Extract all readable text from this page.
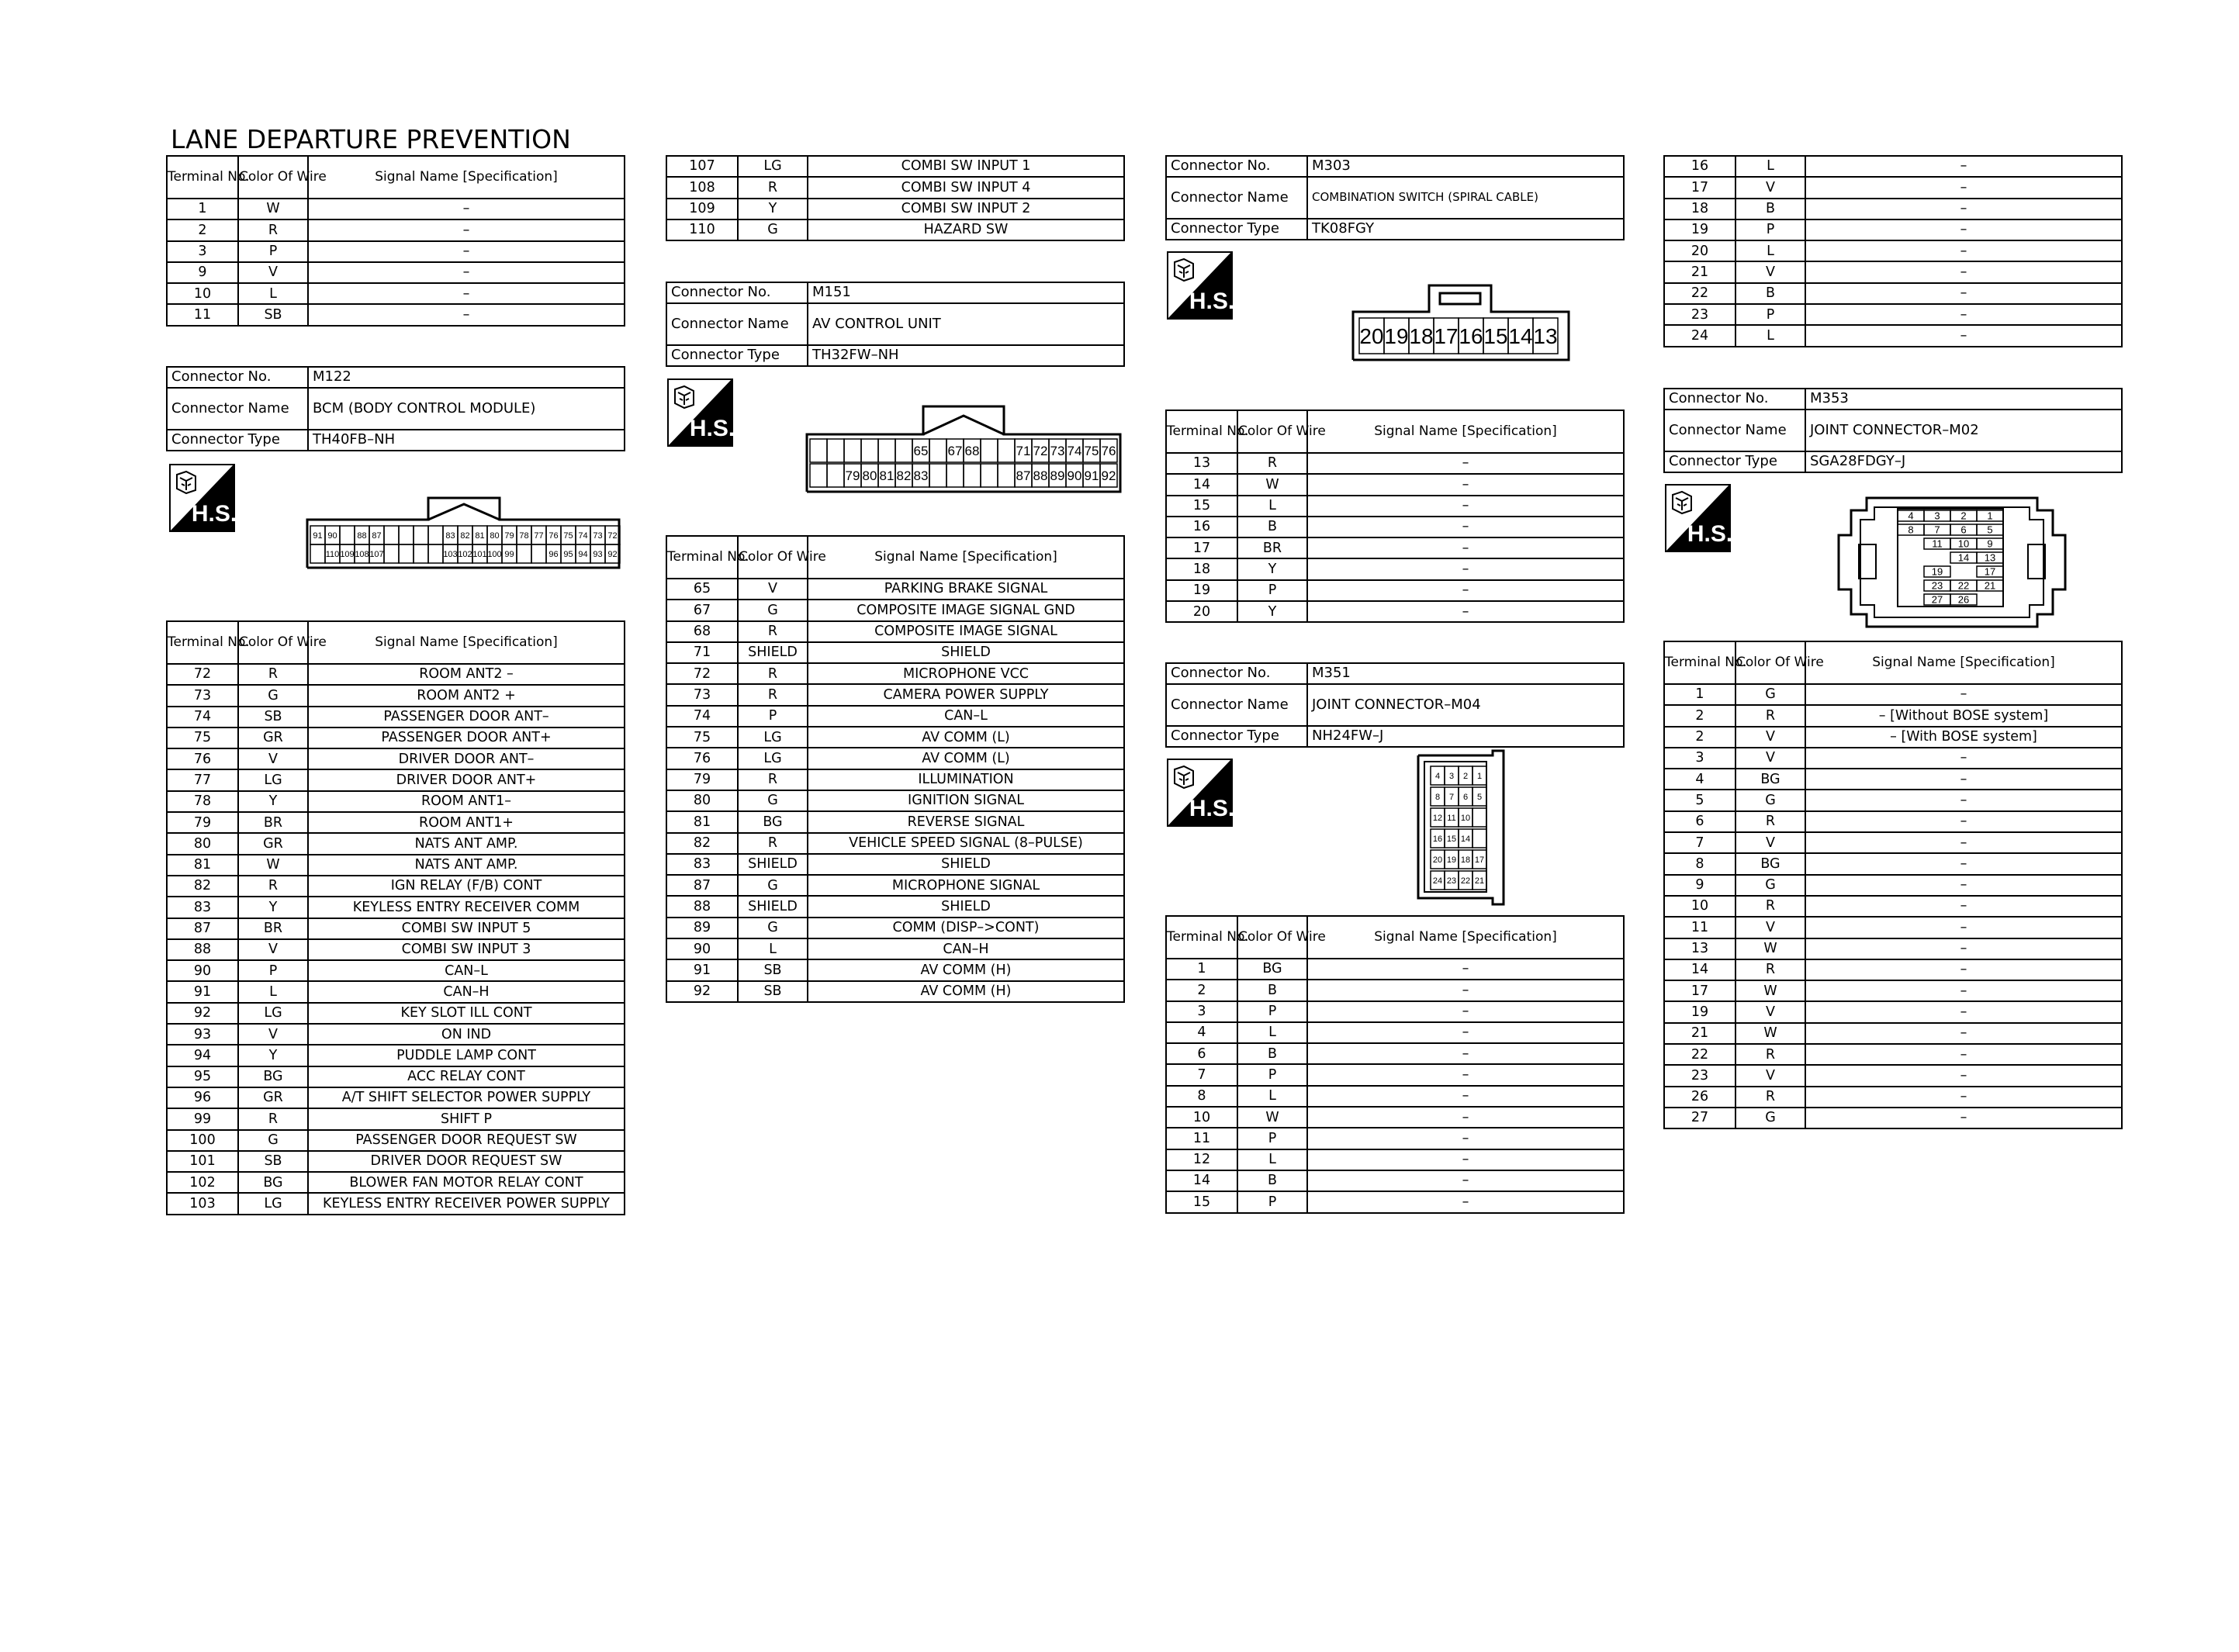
LANE DEPARTURE PREVENTION
Terminal No.	Color Of Wire	Signal Name [Specification]
1	W	–
2	R	–
3	P	–
9	V	–
10	L	–
11	SB	–
Connector No.	M122
Connector Name	BCM (BODY CONTROL MODULE)
Connector Type	TH40FB–NH
H.S.
91 90 88 87	83 82 81 80 79 78 77 76 75 74 73 72
110 109 108 107	103 102 101 100 99	96 95 94 93 92
Terminal No.	Color Of Wire	Signal Name [Specification]
72	R	ROOM ANT2 –
73	G	ROOM ANT2 +
74	SB	PASSENGER DOOR ANT–
75	GR	PASSENGER DOOR ANT+
76	V	DRIVER DOOR ANT–
77	LG	DRIVER DOOR ANT+
78	Y	ROOM ANT1–
79	BR	ROOM ANT1+
80	GR	NATS ANT AMP.
81	W	NATS ANT AMP.
82	R	IGN RELAY (F/B) CONT
83	Y	KEYLESS ENTRY RECEIVER COMM
87	BR	COMBI SW INPUT 5
88	V	COMBI SW INPUT 3
90	P	CAN–L
91	L	CAN–H
92	LG	KEY SLOT ILL CONT
93	V	ON IND
94	Y	PUDDLE LAMP CONT
95	BG	ACC RELAY CONT
96	GR	A/T SHIFT SELECTOR POWER SUPPLY
99	R	SHIFT P
100	G	PASSENGER DOOR REQUEST SW
101	SB	DRIVER DOOR REQUEST SW
102	BG	BLOWER FAN MOTOR RELAY CONT
103	LG	KEYLESS ENTRY RECEIVER POWER SUPPLY
107	LG	COMBI SW INPUT 1
108	R	COMBI SW INPUT 4
109	Y	COMBI SW INPUT 2
110	G	HAZARD SW
Connector No.	M151
Connector Name	AV CONTROL UNIT
Connector Type	TH32FW–NH
H.S.
65 67 68	71 72 73 74 75 76
79 80 81 82 83	87 88 89 90 91 92
Terminal No.	Color Of Wire	Signal Name [Specification]
65	V	PARKING BRAKE SIGNAL
67	G	COMPOSITE IMAGE SIGNAL GND
68	R	COMPOSITE IMAGE SIGNAL
71	SHIELD	SHIELD
72	R	MICROPHONE VCC
73	R	CAMERA POWER SUPPLY
74	P	CAN–L
75	LG	AV COMM (L)
76	LG	AV COMM (L)
79	R	ILLUMINATION
80	G	IGNITION SIGNAL
81	BG	REVERSE SIGNAL
82	R	VEHICLE SPEED SIGNAL (8–PULSE)
83	SHIELD	SHIELD
87	G	MICROPHONE SIGNAL
88	SHIELD	SHIELD
89	G	COMM (DISP–>CONT)
90	L	CAN–H
91	SB	AV COMM (H)
92	SB	AV COMM (H)
Connector No.	M303
Connector Name	COMBINATION SWITCH (SPIRAL CABLE)
Connector Type	TK08FGY
H.S.
20 19 18 17 16 15 14 13
Terminal No.	Color Of Wire	Signal Name [Specification]
13	R	–
14	W	–
15	L	–
16	B	–
17	BR	–
18	Y	–
19	P	–
20	Y	–
Connector No.	M351
Connector Name	JOINT CONNECTOR–M04
Connector Type	NH24FW–J
H.S.
4 3 2 1
8 7 6 5
12 11 10
16 15 14
20 19 18 17
24 23 22 21
Terminal No.	Color Of Wire	Signal Name [Specification]
1	BG	–
2	B	–
3	P	–
4	L	–
6	B	–
7	P	–
8	L	–
10	W	–
11	P	–
12	L	–
14	B	–
15	P	–
16	L	–
17	V	–
18	B	–
19	P	–
20	L	–
21	V	–
22	B	–
23	P	–
24	L	–
Connector No.	M353
Connector Name	JOINT CONNECTOR–M02
Connector Type	SGA28FDGY–J
H.S.
4 3 2 1
8 7 6 5
11 10 9
14 13
19	17
23 22 21
27 26
Terminal No.	Color Of Wire	Signal Name [Specification]
1	G	–
2	R	– [Without BOSE system]
2	V	– [With BOSE system]
3	V	–
4	BG	–
5	G	–
6	R	–
7	V	–
8	BG	–
9	G	–
10	R	–
11	V	–
13	W	–
14	R	–
17	W	–
19	V	–
21	W	–
22	R	–
23	V	–
26	R	–
27	G	–
